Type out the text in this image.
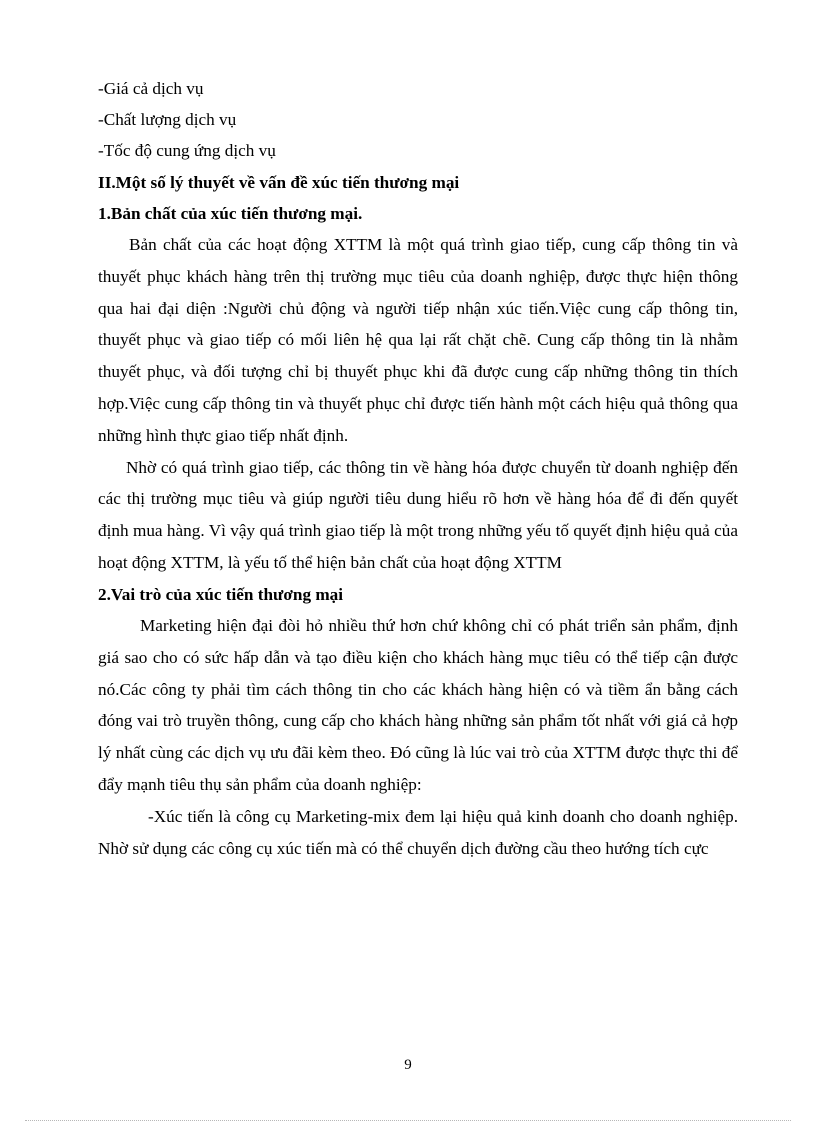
-Giá cả dịch vụ
-Chất lượng dịch vụ
-Tốc độ cung ứng dịch vụ
II.Một số lý thuyết về vấn đề xúc tiến thương mại
1.Bản chất của xúc tiến thương mại.
Bản chất của các hoạt động XTTM là một quá trình giao tiếp, cung cấp thông tin và thuyết phục khách hàng trên thị trường mục tiêu của doanh nghiệp, được thực hiện thông qua hai đại diện :Người chủ động và người tiếp nhận xúc tiến.Việc cung cấp thông tin, thuyết phục và giao tiếp có mối liên hệ qua lại rất chặt chẽ. Cung cấp thông tin là nhằm thuyết phục, và đối tượng chỉ bị thuyết phục khi đã được cung cấp những thông tin thích hợp.Việc cung cấp thông tin và thuyết phục chỉ được tiến hành một cách hiệu quả thông qua những hình thực giao tiếp nhất định.
Nhờ có quá trình giao tiếp, các thông tin về hàng hóa được chuyển từ doanh nghiệp đến các thị trường mục tiêu và giúp người tiêu dung hiểu rõ hơn về hàng hóa để đi đến quyết định mua hàng. Vì vậy quá trình giao tiếp là một trong những yếu tố quyết định hiệu quả của hoạt động XTTM, là yếu tố thể hiện bản chất của hoạt động XTTM
2.Vai trò của xúc tiến thương mại
Marketing hiện đại đòi hỏ nhiều thứ hơn chứ không chỉ có phát triển sản phẩm, định giá sao cho có sức hấp dẫn và tạo điều kiện cho khách hàng mục tiêu có thể tiếp cận được nó.Các công ty phải tìm cách thông tin cho các khách hàng hiện có và tiềm ẩn bằng cách đóng vai trò truyền thông, cung cấp cho khách hàng những sản phẩm tốt nhất với giá cả hợp lý nhất cùng các dịch vụ ưu đãi kèm theo. Đó cũng là lúc vai trò của XTTM được thực thi để đẩy mạnh tiêu thụ sản phẩm của doanh nghiệp:
-Xúc tiến là công cụ Marketing-mix đem lại hiệu quả kinh doanh cho doanh nghiệp. Nhờ sử dụng các công cụ xúc tiến mà có thể chuyển dịch đường cầu theo hướng tích cực
9
